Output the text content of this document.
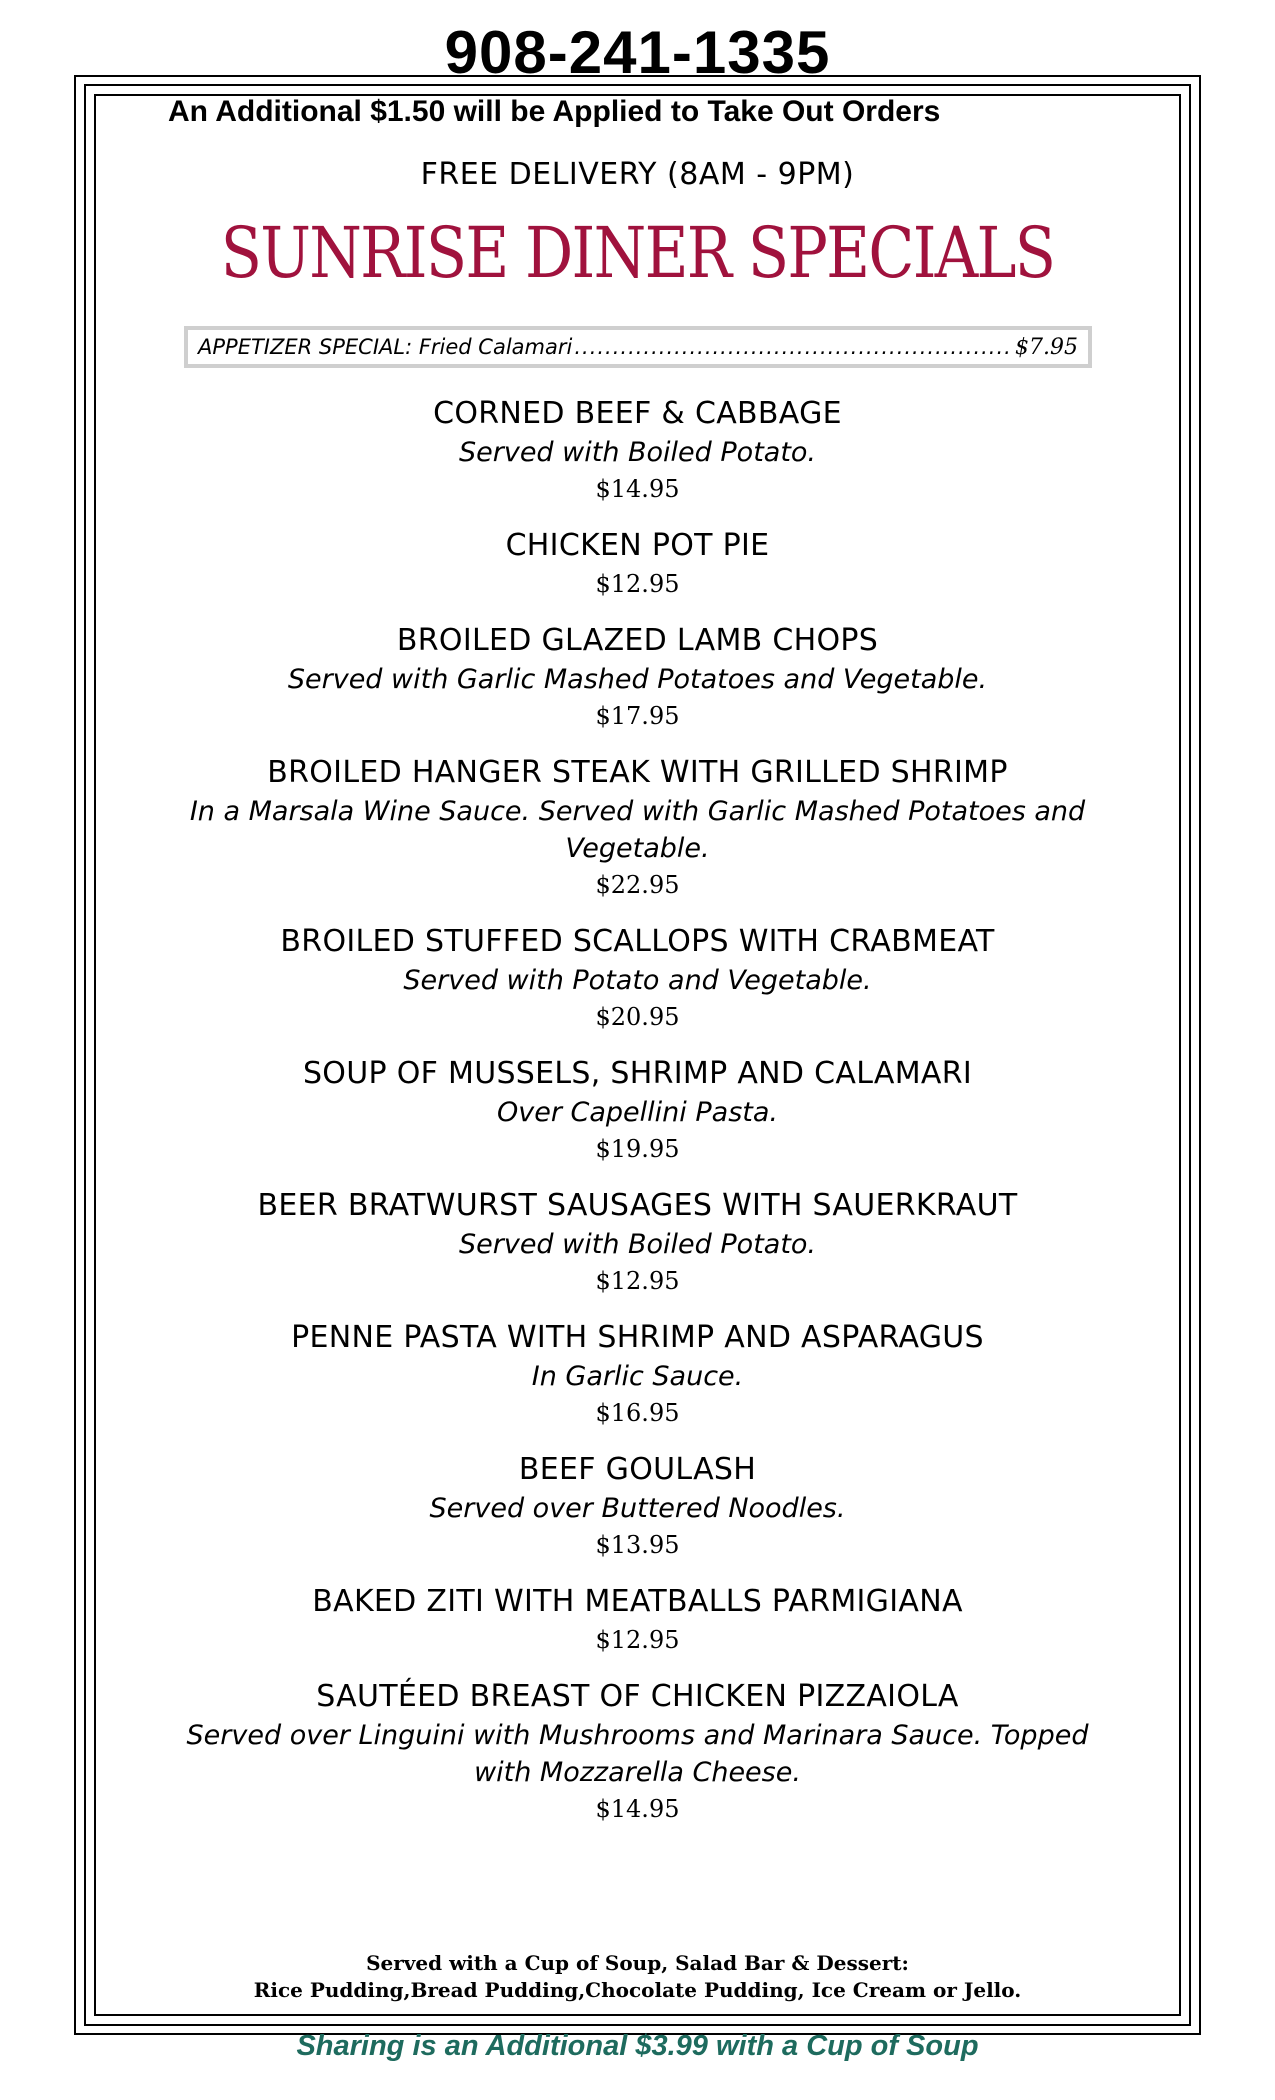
908-241-1335
An Additional $1.50 will be Applied to Take Out Orders
FREE DELIVERY (8AM - 9PM)
SUNRISE DINER SPECIALS
APPETIZER SPECIAL: Fried Calamari
.....	$7.95
CORNED BEEF & CABBAGE
Served with Boiled Potato.
$14.95
CHICKEN POT PIE
$12.95
BROILED GLAZED LAMB CHOPS
Served with Garlic Mashed Potatoes and Vegetable.
$17.95
BROILED HANGER STEAK WITH GRILLED SHRIMP
In a Marsala Wine Sauce. Served with Garlic Mashed Potatoes and Vegetable.
$22.95
BROILED STUFFED SCALLOPS WITH CRABMEAT
Served with Potato and Vegetable.
$20.95
SOUP OF MUSSELS, SHRIMP AND CALAMARI
Over Capellini Pasta.
$19.95
BEER BRATWURST SAUSAGES WITH SAUERKRAUT
Served with Boiled Potato.
$12.95
PENNE PASTA WITH SHRIMP AND ASPARAGUS
In Garlic Sauce.
$16.95
BEEF GOULASH
Served over Buttered Noodles.
$13.95
BAKED ZITI WITH MEATBALLS PARMIGIANA
$12.95
SAUTÉED BREAST OF CHICKEN PIZZAIOLA
Served over Linguini with Mushrooms and Marinara Sauce. Topped with Mozzarella Cheese.
$14.95
Served with a Cup of Soup, Salad Bar & Dessert:
Rice Pudding,Bread Pudding,Chocolate Pudding, Ice Cream or Jello.
Sharing is an Additional $3.99 with a Cup of Soup
